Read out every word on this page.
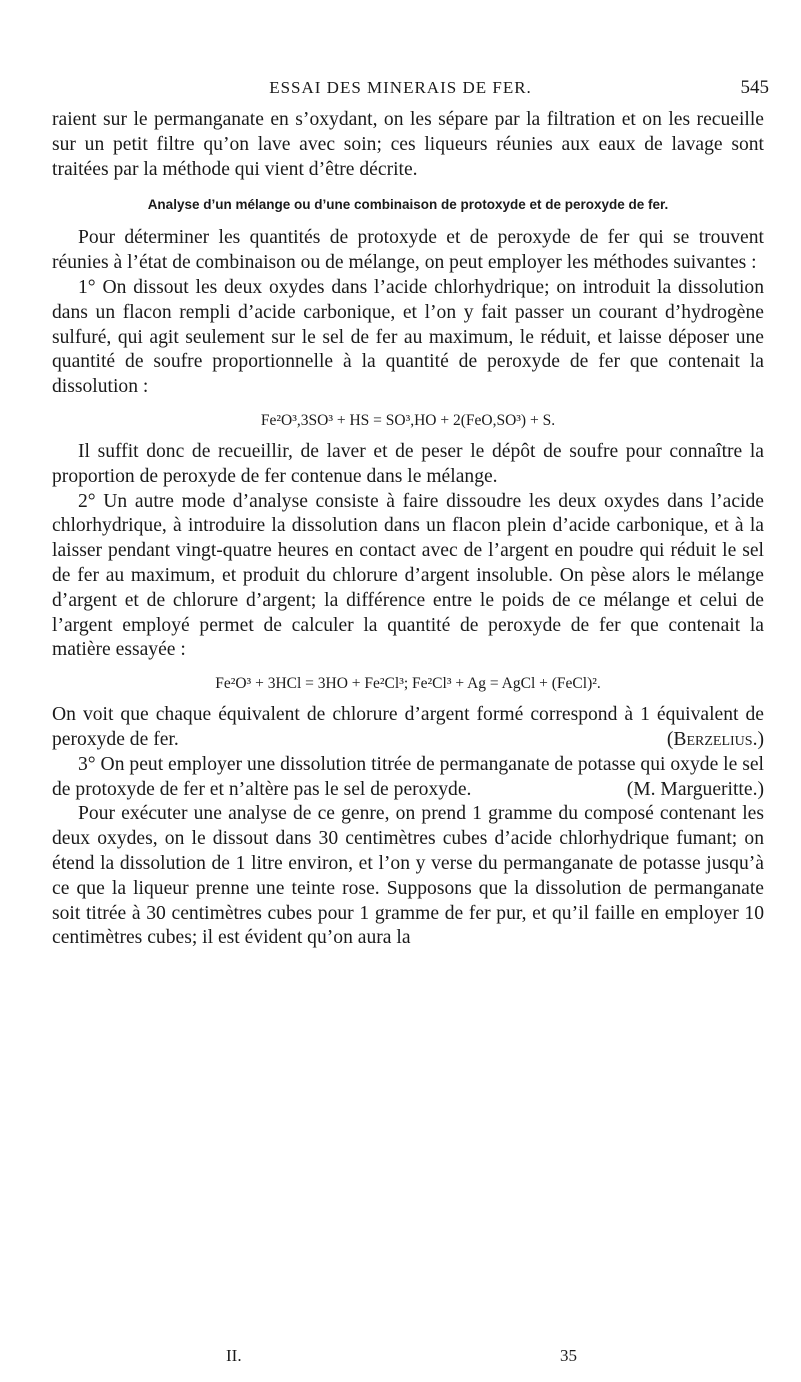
ESSAI DES MINERAIS DE FER.	545

raient sur le permanganate en s’oxydant, on les sépare par la filtration et on les recueille sur un petit filtre qu’on lave avec soin; ces liqueurs réunies aux eaux de lavage sont traitées par la méthode qui vient d’être décrite.

Analyse d’un mélange ou d’une combinaison de protoxyde et de peroxyde de fer.

Pour déterminer les quantités de protoxyde et de peroxyde de fer qui se trouvent réunies à l’état de combinaison ou de mélange, on peut employer les méthodes suivantes :

1° On dissout les deux oxydes dans l’acide chlorhydrique; on introduit la dissolution dans un flacon rempli d’acide carbonique, et l’on y fait passer un courant d’hydrogène sulfuré, qui agit seulement sur le sel de fer au maximum, le réduit, et laisse déposer une quantité de soufre proportionnelle à la quantité de peroxyde de fer que contenait la dissolution :

Fe²O³,3SO³ + HS = SO³,HO + 2(FeO,SO³) + S.

Il suffit donc de recueillir, de laver et de peser le dépôt de soufre pour connaître la proportion de peroxyde de fer contenue dans le mélange.

2° Un autre mode d’analyse consiste à faire dissoudre les deux oxydes dans l’acide chlorhydrique, à introduire la dissolution dans un flacon plein d’acide carbonique, et à la laisser pendant vingt-quatre heures en contact avec de l’argent en poudre qui réduit le sel de fer au maximum, et produit du chlorure d’argent insoluble. On pèse alors le mélange d’argent et de chlorure d’argent; la différence entre le poids de ce mélange et celui de l’argent employé permet de calculer la quantité de peroxyde de fer que contenait la matière essayée :

Fe²O³ + 3HCl = 3HO + Fe²Cl³; Fe²Cl³ + Ag = AgCl + (FeCl)².

On voit que chaque équivalent de chlorure d’argent formé correspond à 1 équivalent de peroxyde de fer.	(Berzelius.)

3° On peut employer une dissolution titrée de permanganate de potasse qui oxyde le sel de protoxyde de fer et n’altère pas le sel de peroxyde.	(M. Margueritte.)

Pour exécuter une analyse de ce genre, on prend 1 gramme du composé contenant les deux oxydes, on le dissout dans 30 centimètres cubes d’acide chlorhydrique fumant; on étend la dissolution de 1 litre environ, et l’on y verse du permanganate de potasse jusqu’à ce que la liqueur prenne une teinte rose. Supposons que la dissolution de permanganate soit titrée à 30 centimètres cubes pour 1 gramme de fer pur, et qu’il faille en employer 10 centimètres cubes; il est évident qu’on aura la

II.	35
